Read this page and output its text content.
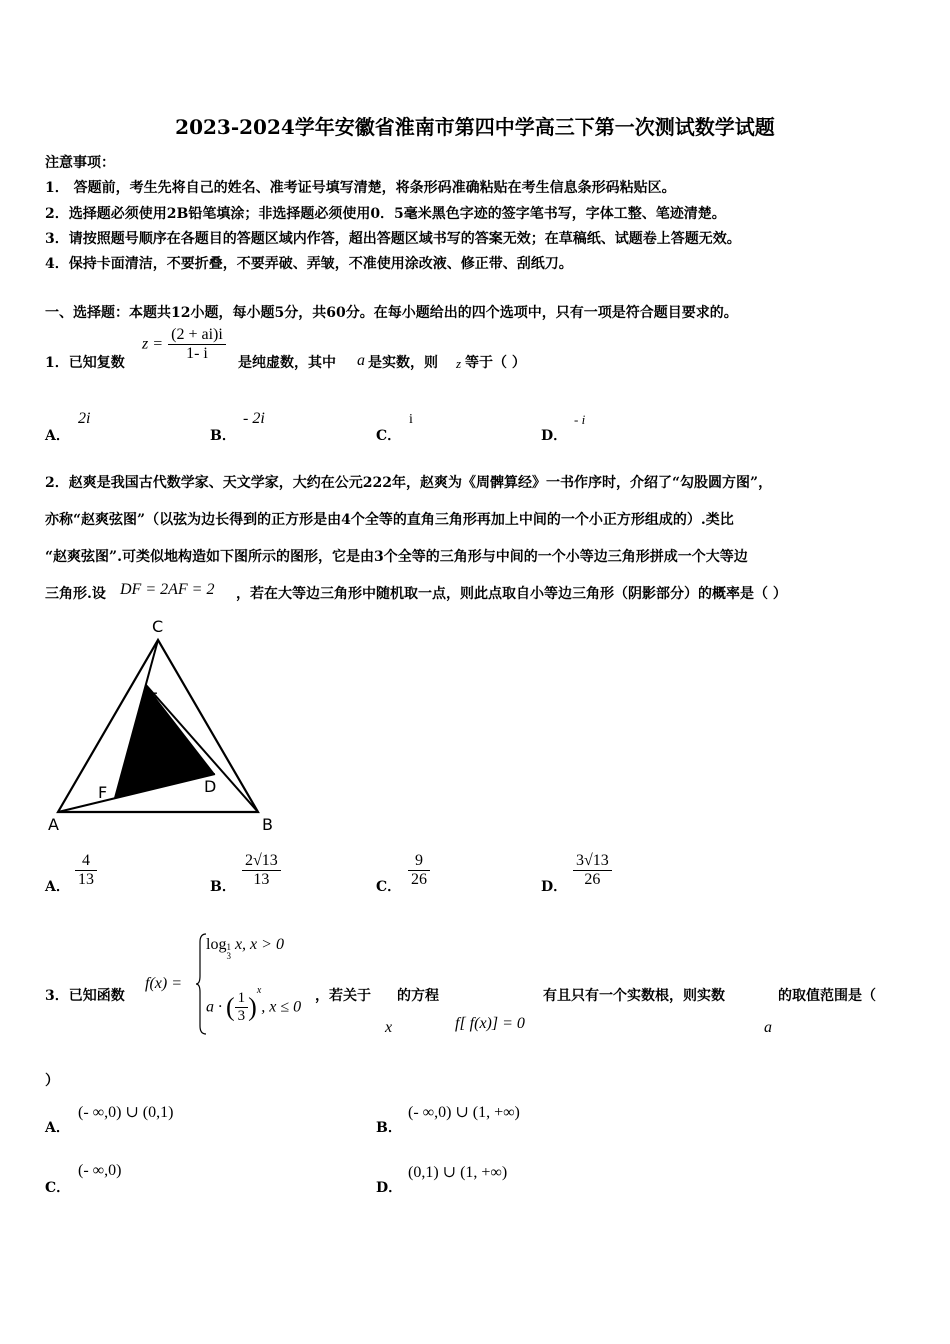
2023-2024学年安徽省淮南市第四中学高三下第一次测试数学试题
注意事项：
1． 答题前，考生先将自己的姓名、准考证号填写清楚，将条形码准确粘贴在考生信息条形码粘贴区。
2．选择题必须使用2B铅笔填涂；非选择题必须使用0．5毫米黑色字迹的签字笔书写，字体工整、笔迹清楚。
3．请按照题号顺序在各题目的答题区域内作答，超出答题区域书写的答案无效；在草稿纸、试题卷上答题无效。
4．保持卡面清洁，不要折叠，不要弄破、弄皱，不准使用涂改液、修正带、刮纸刀。
一、选择题：本题共12小题，每小题5分，共60分。在每小题给出的四个选项中，只有一项是符合题目要求的。
1．已知复数
$z = \frac{(2 + ai)i}{1- i}$ 是纯虚数，其中 a 是实数，则 z 等于（ ）
A．
2i
B．
- 2i
C．
i
D．
- i
2．赵爽是我国古代数学家、天文学家，大约在公元222年，赵爽为《周髀算经》一书作序时，介绍了“勾股圆方图”，
亦称“赵爽弦图”（以弦为边长得到的正方形是由4个全等的直角三角形再加上中间的一个小正方形组成的）.类比
“赵爽弦图”.可类似地构造如下图所示的图形，它是由3个全等的三角形与中间的一个小等边三角形拼成一个大等边
三角形.设 DF = 2AF = 2 ，若在大等边三角形中随机取一点，则此点取自小等边三角形（阴影部分）的概率是（ ）
A	B
C
D
E
F
A． $\frac{4}{13}$	B． $\frac{2√13}{13}$	C． $\frac{9}{26}$	D． $\frac{3√13}{26}$
3．已知函数
f(x) =
log 1
3
x, x > 0
a · ( $\frac{1}{3} )^x$, x ≤ 0
，若关于 的方程	有且只有一个实数根，则实数	的取值范围是（
x	f[ f(x)] = 0	a
）
A．
(- ∞,0) ∪ (0,1)
B．
(- ∞,0) ∪ (1, +∞)
C．
(- ∞,0)
D．
(0,1) ∪ (1, +∞)
